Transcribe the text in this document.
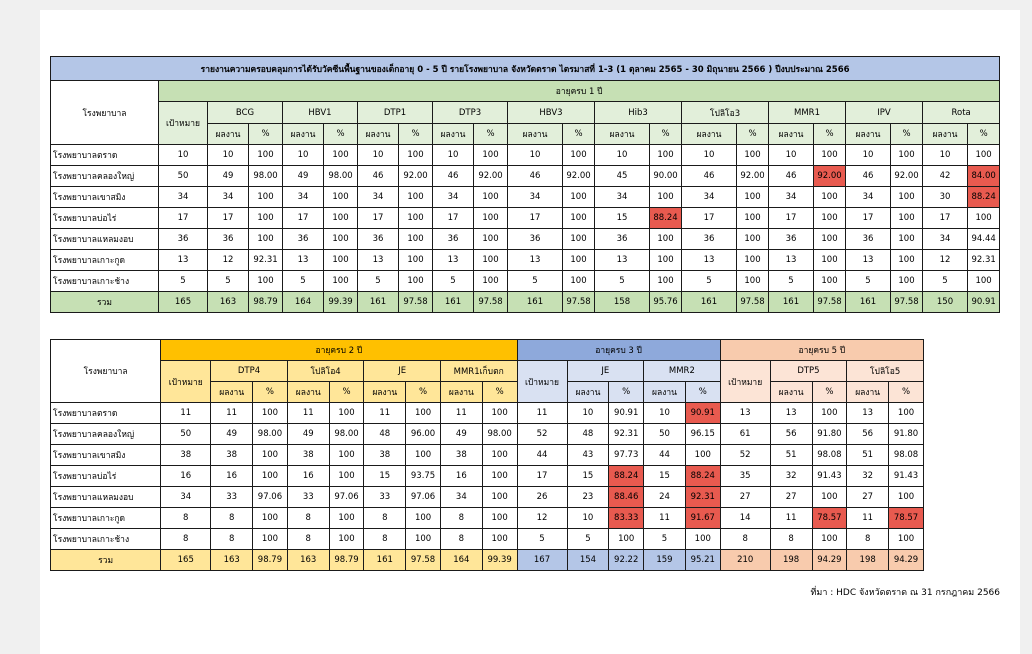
รายงานความครอบคลุมการได้รับวัคซีนพื้นฐานของเด็กอายุ 0 - 5 ปี รายโรงพยาบาล จังหวัดตราด ไตรมาสที่ 1-3 (1 ตุลาคม 2565 - 30 มิถุนายน 2566 ) ปีงบประมาณ 2566																					
โรงพยาบาล	อายุครบ 1 ปี																				
	เป้าหมาย	BCG		HBV1		DTP1		DTP3		HBV3		Hib3		โปลิโอ3		MMR1		IPV		Rota	
		ผลงาน	%	ผลงาน	%	ผลงาน	%	ผลงาน	%	ผลงาน	%	ผลงาน	%	ผลงาน	%	ผลงาน	%	ผลงาน	%	ผลงาน	%
โรงพยาบาลตราด	10	10	100	10	100	10	100	10	100	10	100	10	100	10	100	10	100	10	100	10	100
โรงพยาบาลคลองใหญ่	50	49	98.00	49	98.00	46	92.00	46	92.00	46	92.00	45	90.00	46	92.00	46	92.00	46	92.00	42	84.00
โรงพยาบาลเขาสมิง	34	34	100	34	100	34	100	34	100	34	100	34	100	34	100	34	100	34	100	30	88.24
โรงพยาบาลบ่อไร่	17	17	100	17	100	17	100	17	100	17	100	15	88.24	17	100	17	100	17	100	17	100
โรงพยาบาลแหลมงอบ	36	36	100	36	100	36	100	36	100	36	100	36	100	36	100	36	100	36	100	34	94.44
โรงพยาบาลเกาะกูด	13	12	92.31	13	100	13	100	13	100	13	100	13	100	13	100	13	100	13	100	12	92.31
โรงพยาบาลเกาะช้าง	5	5	100	5	100	5	100	5	100	5	100	5	100	5	100	5	100	5	100	5	100
รวม	165	163	98.79	164	99.39	161	97.58	161	97.58	161	97.58	158	95.76	161	97.58	161	97.58	161	97.58	150	90.91
โรงพยาบาล	อายุครบ 2 ปี									อายุครบ 3 ปี					อายุครบ 5 ปี				
	เป้าหมาย	DTP4		โปลิโอ4		JE		MMR1เก็บตก		เป้าหมาย	JE		MMR2		เป้าหมาย	DTP5		โปลิโอ5	
		ผลงาน	%	ผลงาน	%	ผลงาน	%	ผลงาน	%		ผลงาน	%	ผลงาน	%		ผลงาน	%	ผลงาน	%
โรงพยาบาลตราด	11	11	100	11	100	11	100	11	100	11	10	90.91	10	90.91	13	13	100	13	100
โรงพยาบาลคลองใหญ่	50	49	98.00	49	98.00	48	96.00	49	98.00	52	48	92.31	50	96.15	61	56	91.80	56	91.80
โรงพยาบาลเขาสมิง	38	38	100	38	100	38	100	38	100	44	43	97.73	44	100	52	51	98.08	51	98.08
โรงพยาบาลบ่อไร่	16	16	100	16	100	15	93.75	16	100	17	15	88.24	15	88.24	35	32	91.43	32	91.43
โรงพยาบาลแหลมงอบ	34	33	97.06	33	97.06	33	97.06	34	100	26	23	88.46	24	92.31	27	27	100	27	100
โรงพยาบาลเกาะกูด	8	8	100	8	100	8	100	8	100	12	10	83.33	11	91.67	14	11	78.57	11	78.57
โรงพยาบาลเกาะช้าง	8	8	100	8	100	8	100	8	100	5	5	100	5	100	8	8	100	8	100
รวม	165	163	98.79	163	98.79	161	97.58	164	99.39	167	154	92.22	159	95.21	210	198	94.29	198	94.29
ที่มา : HDC จังหวัดตราด ณ 31 กรกฎาคม 2566
